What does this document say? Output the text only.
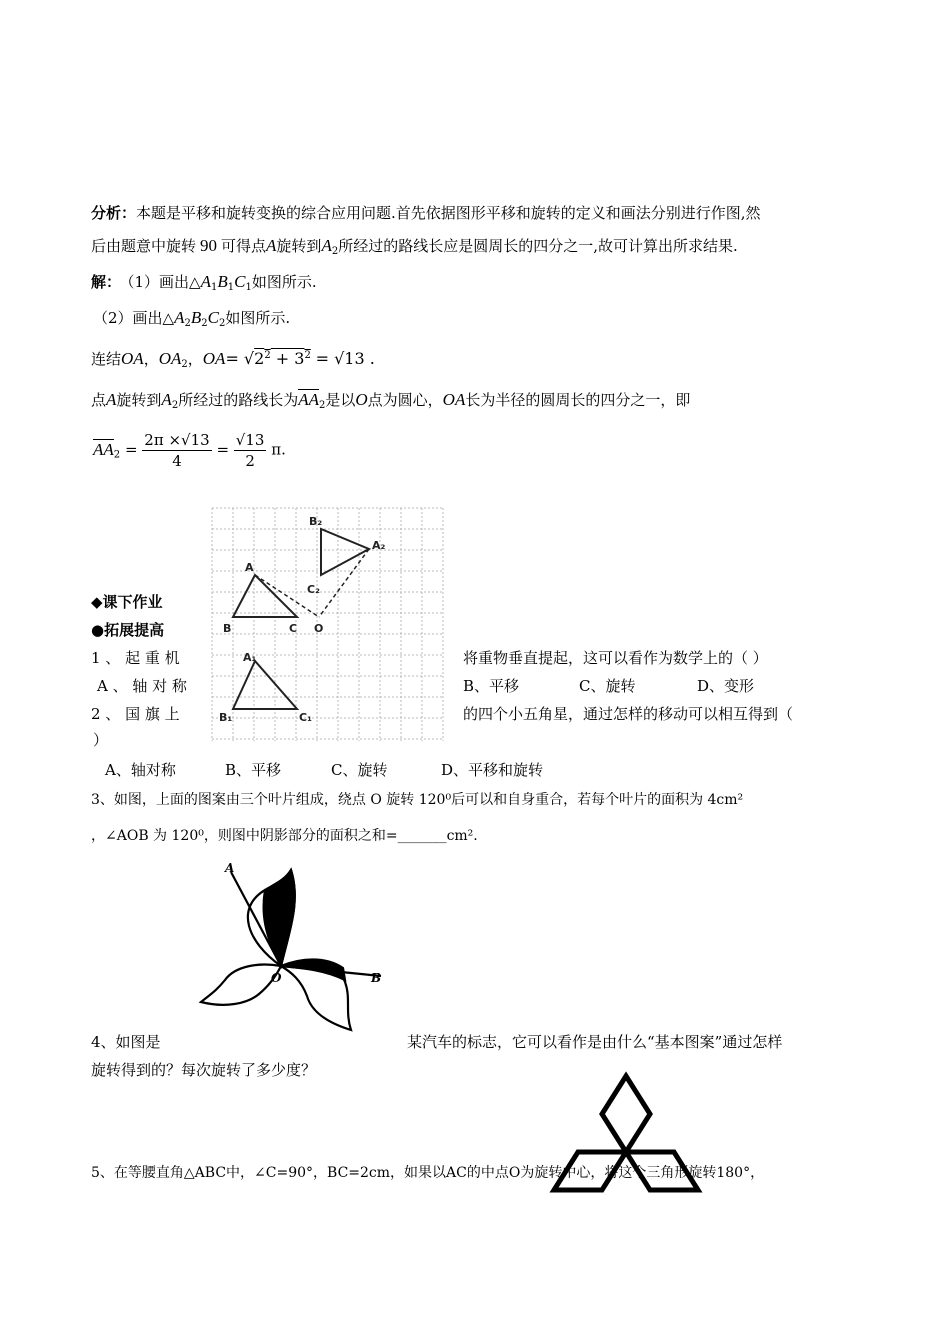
分析：本题是平移和旋转变换的综合应用问题.首先依据图形平移和旋转的定义和画法分别进行作图,然
后由题意中旋转 90 可得点A旋转到$A_2$所经过的路线长应是圆周长的四分之一,故可计算出所求结果.
解： （1）画出$\triangle A_1B_1C_1$如图所示.
（2）画出$\triangle A_2B_2C_2$如图所示.
连结OA，$OA_2$，$OA= √2^2 + 3^2 = √13$ .
点A旋转到$A_2$所经过的路线长为$AA_2$是以O点为圆心，OA长为半径的圆周长的四分之一，即
$AA_2 = \frac{2\pi \times√13}{4} = \frac{√13}{2} \pi$.
B₂
A₂
A
C₂
B	C O
A₁
B₁	C₁
◆课下作业
●拓展提高
1 、 起 重 机	将重物垂直提起，这可以看作为数学上的（ ）
A 、 轴 对 称	B、平移	C、旋转	D、变形
2 、 国 旗 上	的四个小五角星，通过怎样的移动可以相互得到（
）
A、轴对称	B、平移	C、旋转	D、平移和旋转
3、如图，上面的图案由三个叶片组成，绕点 O 旋转 120⁰后可以和自身重合，若每个叶片的面积为 4cm²
，∠AOB 为 120⁰，则图中阴影部分的面积之和=_______cm².
A
B
O
4、如图是	某汽车的标志，它可以看作是由什么“基本图案”通过怎样
旋转得到的？每次旋转了多少度？
5、在等腰直角△ABC中，∠C=90°，BC=2cm，如果以AC的中点O为旋转中心，将这个三角形旋转180°，
